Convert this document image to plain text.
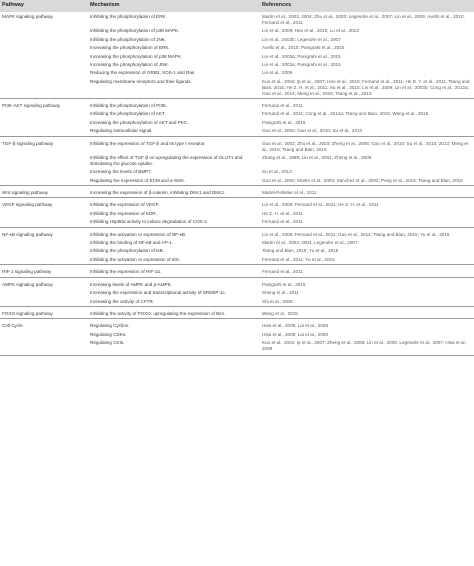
Pathway	Mechanism	References
MAPK signaling pathway	Inhibiting the phosphorylation of ERK	Martin et al., 2003, 2004; Zhu et al., 2003; Legendre et al., 2007; Lin et al., 2009; Avello et al., 2010; Fernand et al., 2011
	Inhibiting the phosphorylation of p38 MAPK.	Lin et al., 2009; Heo et al., 2010; Lu et al., 2013
	Inhibiting the phosphorylation of JNK.	Lin et al., 2003b; Legendre et al., 2007
	Increasing the phosphorylation of ERK.	Avello et al., 2010; Panigrahi et al., 2015
	Increasing the phosphorylation of p38 MAPK.	Lin et al., 2003a; Panigrahi et al., 2015
	Increasing the phosphorylation of JNK.	Lin et al., 2003a; Panigrahi et al., 2015
	Reducing the expression of GRB2, SOS-1 and Ras.	Lin et al., 2009
	Regulating membrane receptors and their ligands.	Kuo et al., 2004; Ip et al., 2007; Heo et al., 2010; Fernand et al., 2011; He D. Y. et al., 2011; Tsang and Bian, 2015; He Z. H. et al., 2011; Su et al., 2010; Lin et al., 2009; Lin et al., 2003b; Cong et al., 2012a; Gao et al., 2014; Meng et al., 2015; Tsang et al., 2013
PI3K-AKT signaling pathway	Inhibiting the phosphorylation of PI3K.	Fernand et al., 2011
	Inhibiting the phosphorylation of AKT.	Fernand et al., 2011; Cong et al., 2012a; Tsang and Bian, 2015; Wang et al., 2015
	Increasing the phosphorylation of AKT and PKC.	Panigrahi et al., 2015
	Regulating extracellular signal.	Guo et al., 2002; Gao et al., 2010; Su et al., 2013
TGF-β signaling pathway	Inhibiting the expression of TGF-β and its type I receptor.	Guo et al., 2002; Zhu et al., 2003; Zheng et al., 2008; Gao et al., 2010; Su et al., 2010, 2013; Meng et al., 2015; Tsang and Bian, 2015
	Inhibiting the effect of TGF-β on upregulating the expression of GLUT1 and stimulating the glucose uptake.	Zhang et al., 1999; Liu et al., 2001; Zheng et al., 2008
	Increasing the levels of BMP7.	Su et al., 2013
	Regulating the expression of ECM and a-SMA.	Guo et al., 2002; Martin et al., 2003; Sanchez et al., 2003; Peng et al., 2013; Tsang and Bian, 2015
Wnt signaling pathway	Increasing the expression of β-catenin, inhibiting DKK1 and DKK2.	Martel-Pelletier et al., 2011
VEGF signaling pathway	Inhibiting the expression of VEGF.	Lin et al., 2009; Fernand et al., 2011; He Z. H. et al., 2011
	Inhibiting the expression of KDR.	He Z. H. et al., 2011
	Inhibiting Hsp90α activity to induce degradation of COX-2.	Fernand et al., 2011
NF-κB signaling pathway	Inhibiting the activation or expression of NF-κB.	Lin et al., 2009; Fernand et al., 2011; Gao et al., 2014; Tsang and Bian, 2015; Yu et al., 2015
	Inhibiting the binding of NF-κB and AP-1.	Martin et al., 2003, 2004; Legendre et al., 2007
	Inhibiting the phosphorylation of IκB.	Tsang and Bian, 2015; Yu et al., 2015
	Inhibiting the activation or expression of IKK.	Fernand et al., 2011; Yu et al., 2015
HIF-1 signaling pathway	Inhibiting the expression of HIF-1α.	Fernand et al., 2011
AMPK signaling pathway	Increasing levels of AMPK and p-AMPK.	Panigrahi et al., 2015
	Increasing the expression and transcriptional activity of SREBP-1c.	Sheng et al., 2011
	Increasing the activity of CFTR.	Shi et al., 2006
FOXO signaling pathway	Inhibiting the activity of FOXO, upregulating the expression of Bim.	Wang et al., 2015
Cell Cycle	Regulating Cyclins.	Hsia et al., 2009; Lai et al., 2009
	Regulating CDKs.	Hsia et al., 2009; Lai et al., 2009
	Regulating CKIs.	Kuo et al., 2004; Ip et al., 2007; Zheng et al., 2008; Lin et al., 2009; Legendre et al., 2007; Hsia et al., 2009
